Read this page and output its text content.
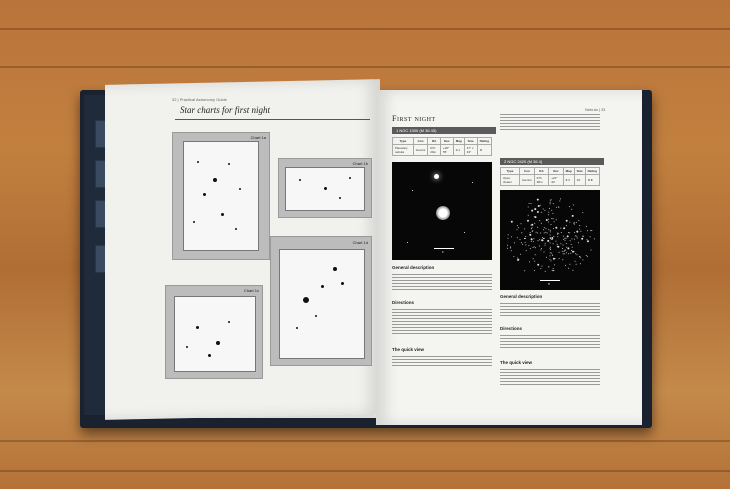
32 | Practical Astronomy Guide
Star charts for first night
Chart 1a
Chart 1b
Chart 1c
Chart 1d
Nebula | 33
First night
1 NGC 1300 (M 36 45)
Type	Con	RA	Dec	Mag	Size	Rating
Planetary nebula	Gemini	07h 29m	+20° 55'	9.1	47" x 43"	★
1'
General description
Directions
The quick view
2 NGC 2420 (M 36 4)
Type	Con	RA	Dec	Mag	Size	Rating
Open cluster	Gemini	07h 38m	+21° 34'	8.3	10'	★★
5'
General description
Directions
The quick view
